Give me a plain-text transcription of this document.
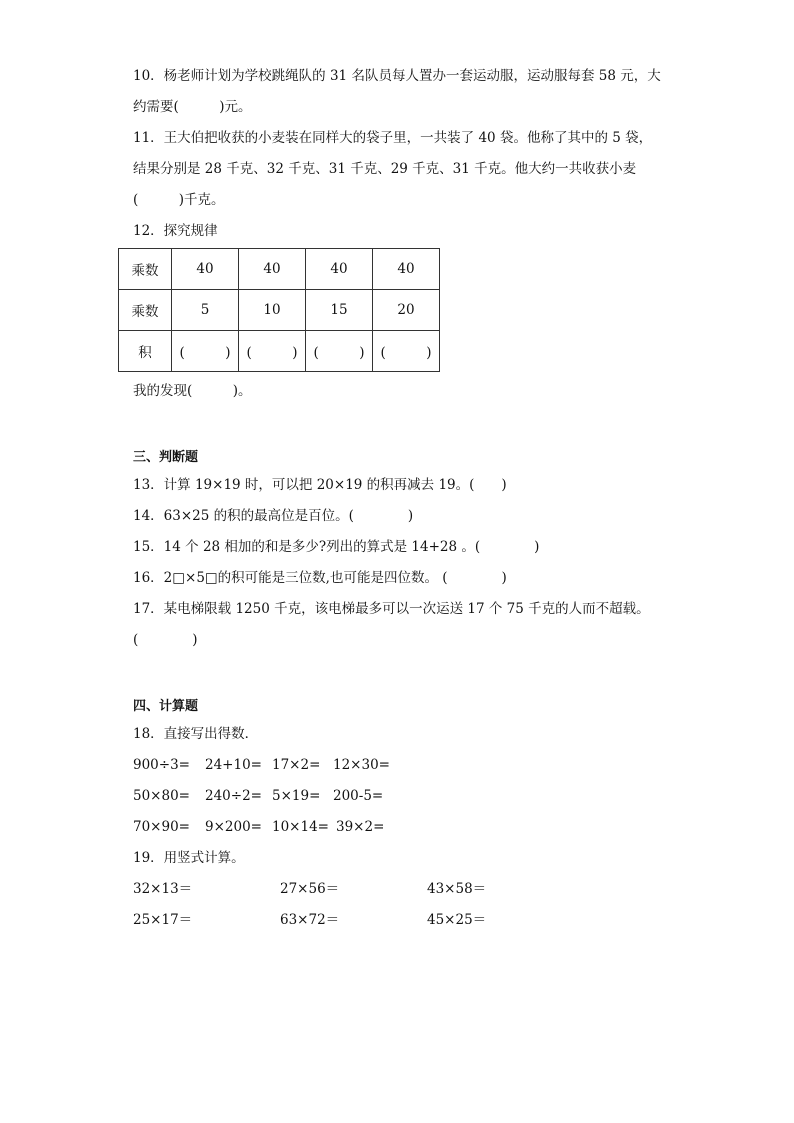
10．杨老师计划为学校跳绳队的 31 名队员每人置办一套运动服，运动服每套 58 元，大
约需要(　　　)元。
11．王大伯把收获的小麦装在同样大的袋子里，一共装了 40 袋。他称了其中的 5 袋，
结果分别是 28 千克、32 千克、31 千克、29 千克、31 千克。他大约一共收获小麦
(　　　)千克。
12．探究规律
乘数	40	40	40	40
乘数	5	10	15	20
积	(　　　)	(　　　)	(　　　)	(　　　)
我的发现(　　　)。
三、判断题
13．计算 19×19 时，可以把 20×19 的积再减去 19。(　　)
14．63×25 的积的最高位是百位。(　　　　)
15．14 个 28 相加的和是多少?列出的算式是 14+28 。(　　　　)
16．2□×5□的积可能是三位数,也可能是四位数。 (　　　　)
17．某电梯限载 1250 千克，该电梯最多可以一次运送 17 个 75 千克的人而不超载。
(　　　　)
四、计算题
18．直接写出得数．
900÷3= 24+10= 17×2= 12×30=
50×80= 240÷2= 5×19= 200-5=
70×90= 9×200= 10×14= 39×2=
19．用竖式计算。
32×13＝	27×56＝	43×58＝
25×17＝	63×72＝	45×25＝
